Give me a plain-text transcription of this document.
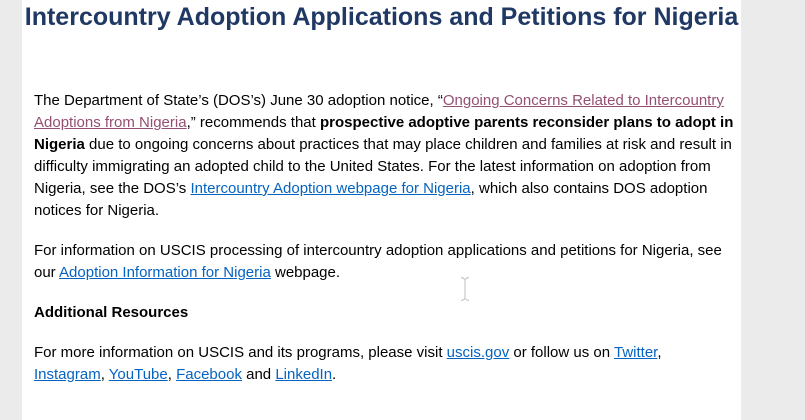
Intercountry Adoption Applications and Petitions for Nigeria

The Department of State’s (DOS’s) June 30 adoption notice, “Ongoing Concerns Related to Intercountry Adoptions from Nigeria,” recommends that prospective adoptive parents reconsider plans to adopt in Nigeria due to ongoing concerns about practices that may place children and families at risk and result in difficulty immigrating an adopted child to the United States. For the latest information on adoption from Nigeria, see the DOS’s Intercountry Adoption webpage for Nigeria, which also contains DOS adoption notices for Nigeria.

For information on USCIS processing of intercountry adoption applications and petitions for Nigeria, see our Adoption Information for Nigeria webpage.

Additional Resources

For more information on USCIS and its programs, please visit uscis.gov or follow us on Twitter, Instagram, YouTube, Facebook and LinkedIn.
